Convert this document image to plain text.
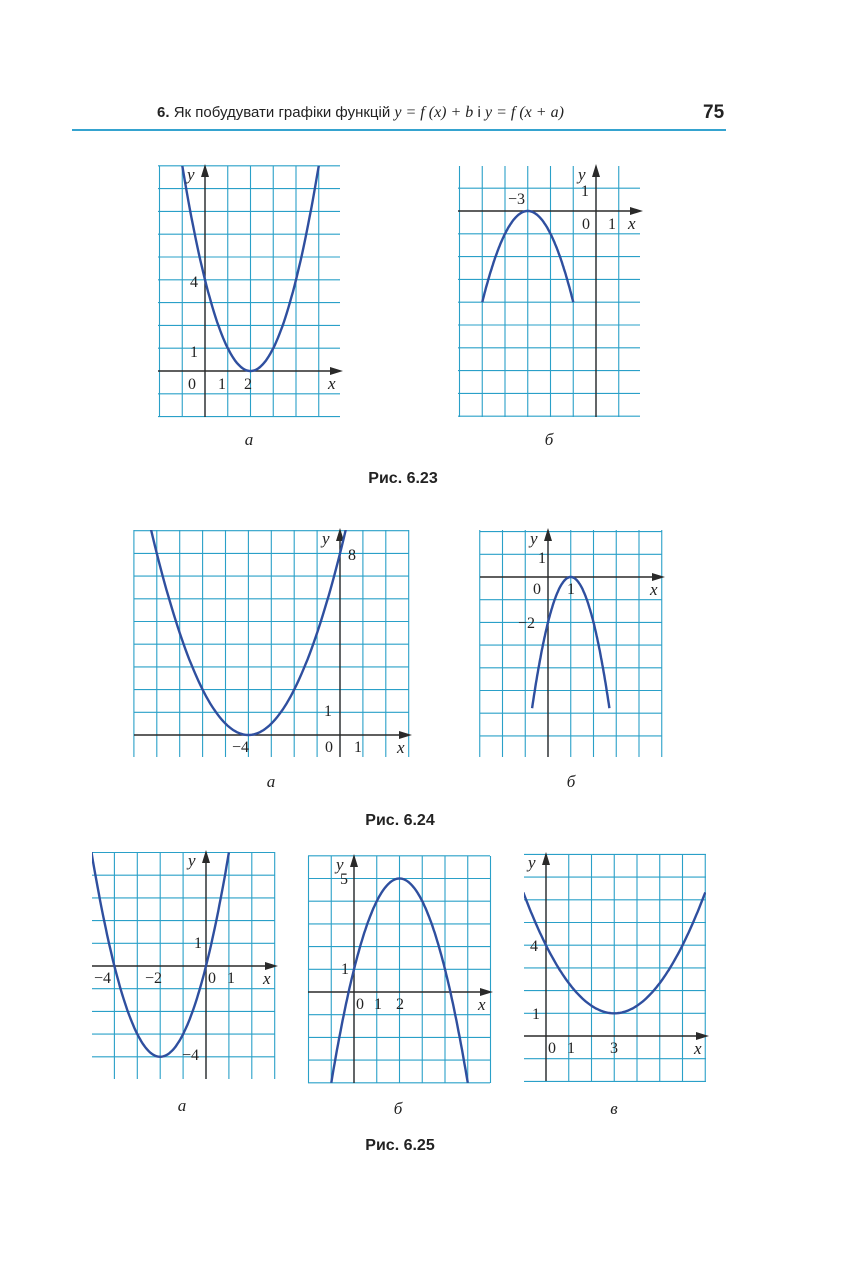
6. Як побудувати графіки функцій y = f (x) + b і y = f (x + a)	75
x
y
0 1 2
1
4
а
x
y
−3
0 1
1
б
x
y
−4	0 1
1
8
а
x
y
0 1
1
−2
б
x
y
−4 −2	0 1
1
−4
а
x
y
0 1 2
1
5
б
x
y
0 1 3
1
4
в
Рис. 6.23
Рис. 6.24
Рис. 6.25
